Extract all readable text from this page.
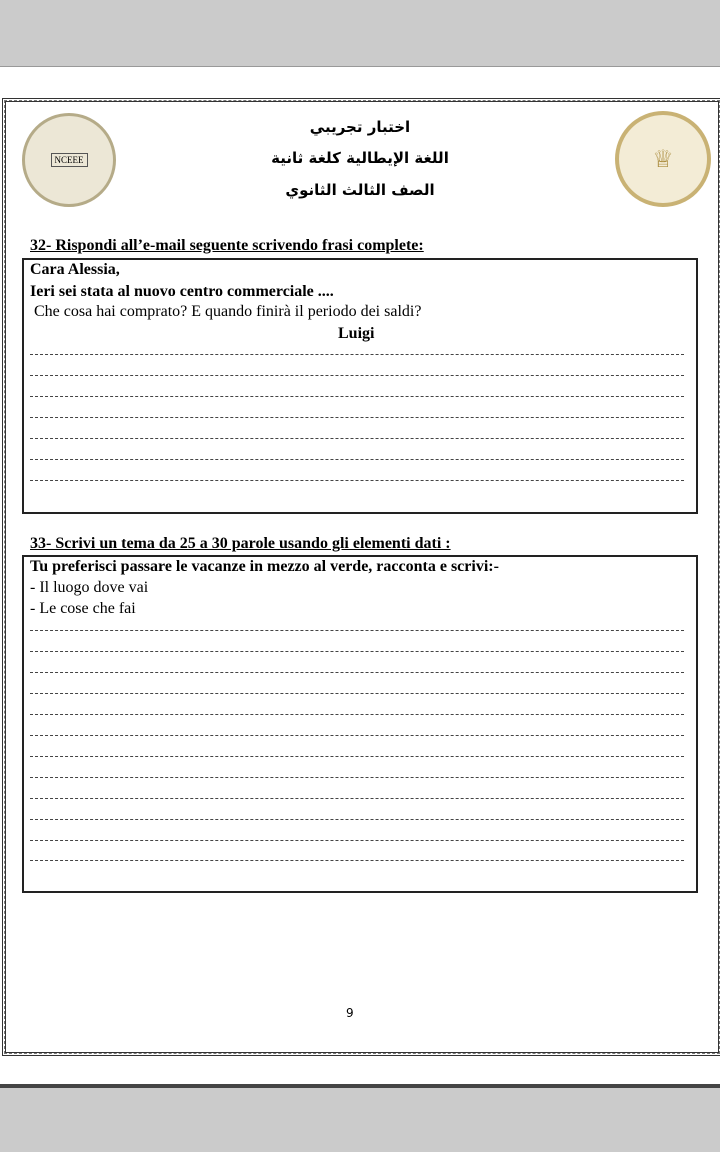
NCEEE	♕
اختبار تجريبي
اللغة الإيطالية كلغة ثانية
الصف الثالث الثانوي
32- Rispondi all’e-mail seguente scrivendo frasi complete:
Cara Alessia,
Ieri sei stata al nuovo centro commerciale ....
Che cosa hai comprato? E quando finirà il periodo dei saldi?
Luigi
33- Scrivi un tema da 25 a 30 parole usando gli elementi dati :
Tu preferisci passare le vacanze in mezzo al verde, racconta e scrivi:-
- Il luogo dove vai
- Le cose che fai
9
